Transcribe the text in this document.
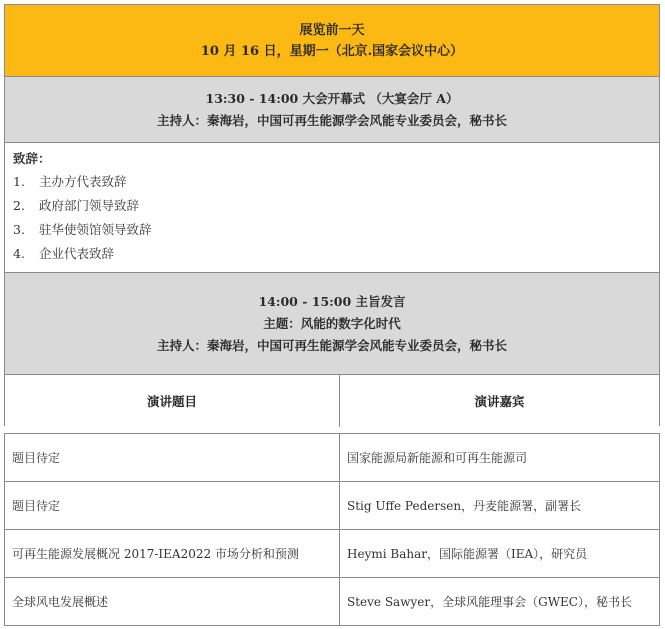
展览前一天
10 月 16 日，星期一（北京.国家会议中心）
13:30 - 14:00 大会开幕式 （大宴会厅 A）
主持人：秦海岩，中国可再生能源学会风能专业委员会，秘书长
致辞：
1.	主办方代表致辞
2.	政府部门领导致辞
3.	驻华使领馆领导致辞
4.	企业代表致辞
14:00 - 15:00 主旨发言
主题：风能的数字化时代
主持人：秦海岩，中国可再生能源学会风能专业委员会，秘书长
演讲题目	演讲嘉宾
题目待定	国家能源局新能源和可再生能源司
题目待定	Stig Uffe Pedersen，丹麦能源署，副署长
可再生能源发展概况 2017-IEA2022 市场分析和预测	Heymi Bahar，国际能源署（IEA），研究员
全球风电发展概述	Steve Sawyer，全球风能理事会（GWEC），秘书长
